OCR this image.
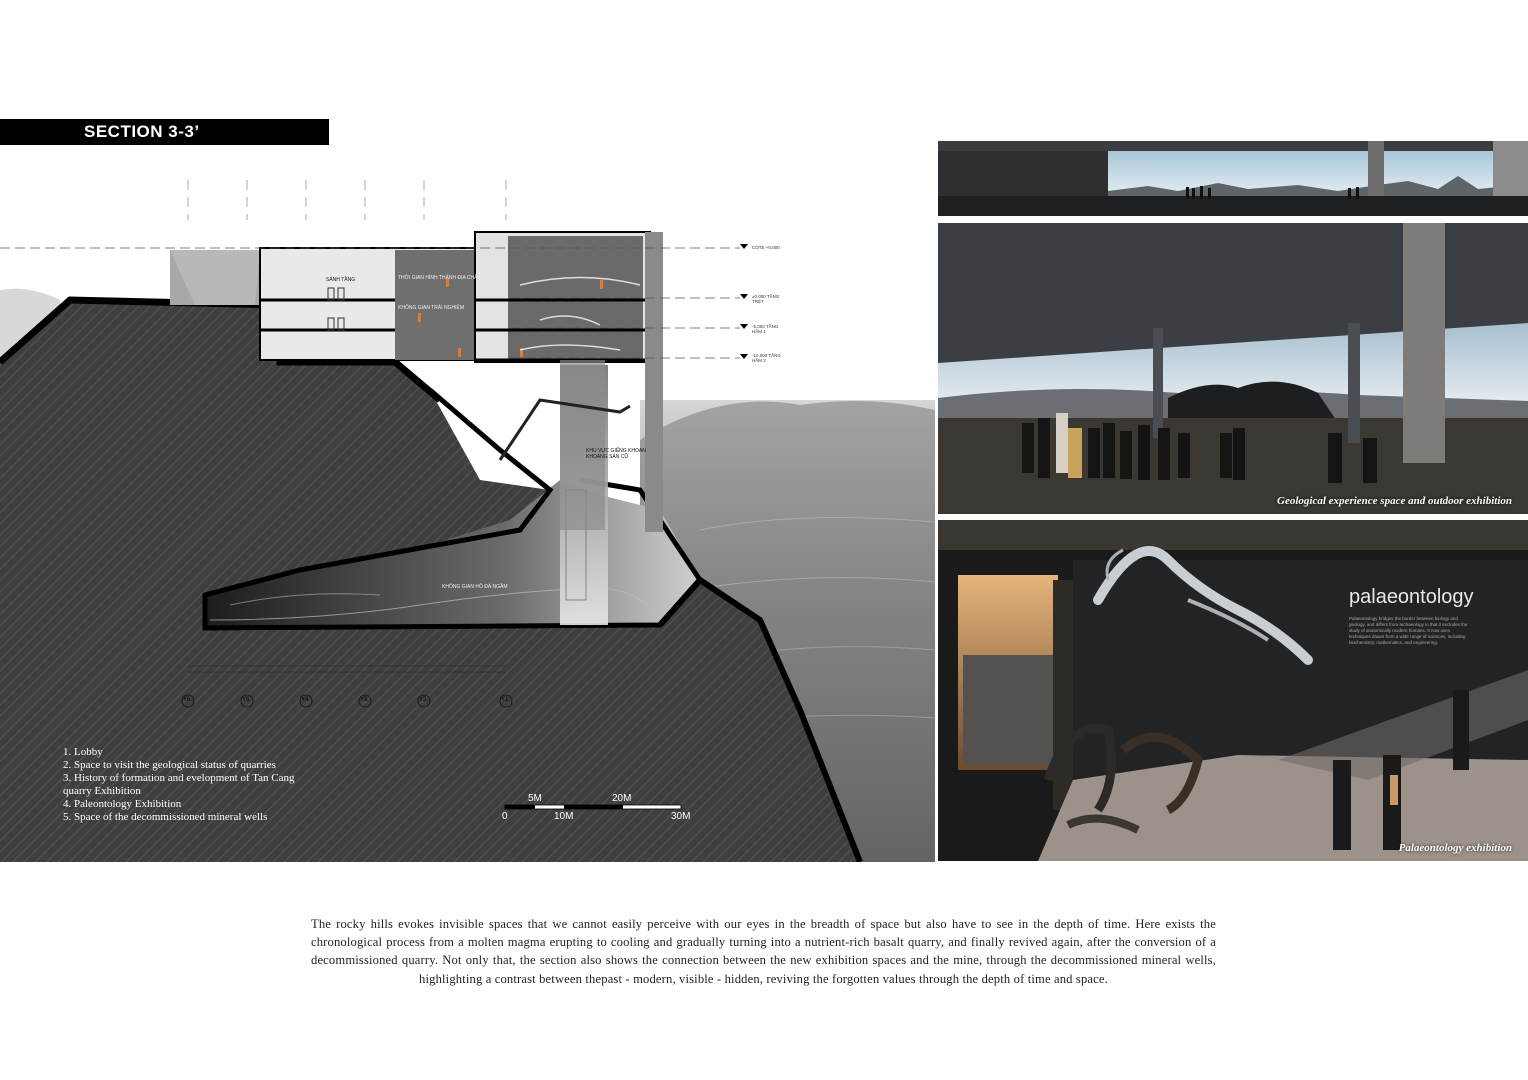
SECTION 3-3’
SẢNH TẦNG	THỜI GIAN HÌNH THÀNH ĐỊA CHẤT
KHÔNG GIAN TRẢI NGHIỆM
KHU VỰC GIẾNG KHOAN KHOÁNG SẢN CŨ
KHÔNG GIAN HỒ ĐÁ NGẦM
COTE +5,000
±0,000 TẦNG TRỆT
-5,000 TẦNG HẦM 1
-10,000 TẦNG HẦM 2
Y6	Y5	Y4	Y3	Y2	Y1
5M	20M
0	10M	30M
1. Lobby
2. Space to visit the geological status of quarries
3. History of formation and evelopment of Tan Cang
quarry Exhibition
4. Paleontology Exhibition
5. Space of the decommissioned mineral wells
Geological experience space and outdoor exhibition
palaeontology
Palaeontology bridges the border between biology and geology, and differs from archaeology in that it excludes the study of anatomically modern humans. It now uses techniques drawn from a wide range of sciences, including biochemistry, mathematics, and engineering.
Palaeontology exhibition
The rocky hills evokes invisible spaces that we cannot easily perceive with our eyes in the breadth of space but also have to see in the depth of time. Here exists the chronological process from a molten magma erupting to cooling and gradually turning into a nutrient-rich basalt quarry, and finally revived again, after the conversion of a decommissioned quarry. Not only that, the section also shows the connection between the new exhibition spaces and the mine, through the decommissioned mineral wells, highlighting a contrast between thepast - modern, visible - hidden, reviving the forgotten values through the depth of time and space.
